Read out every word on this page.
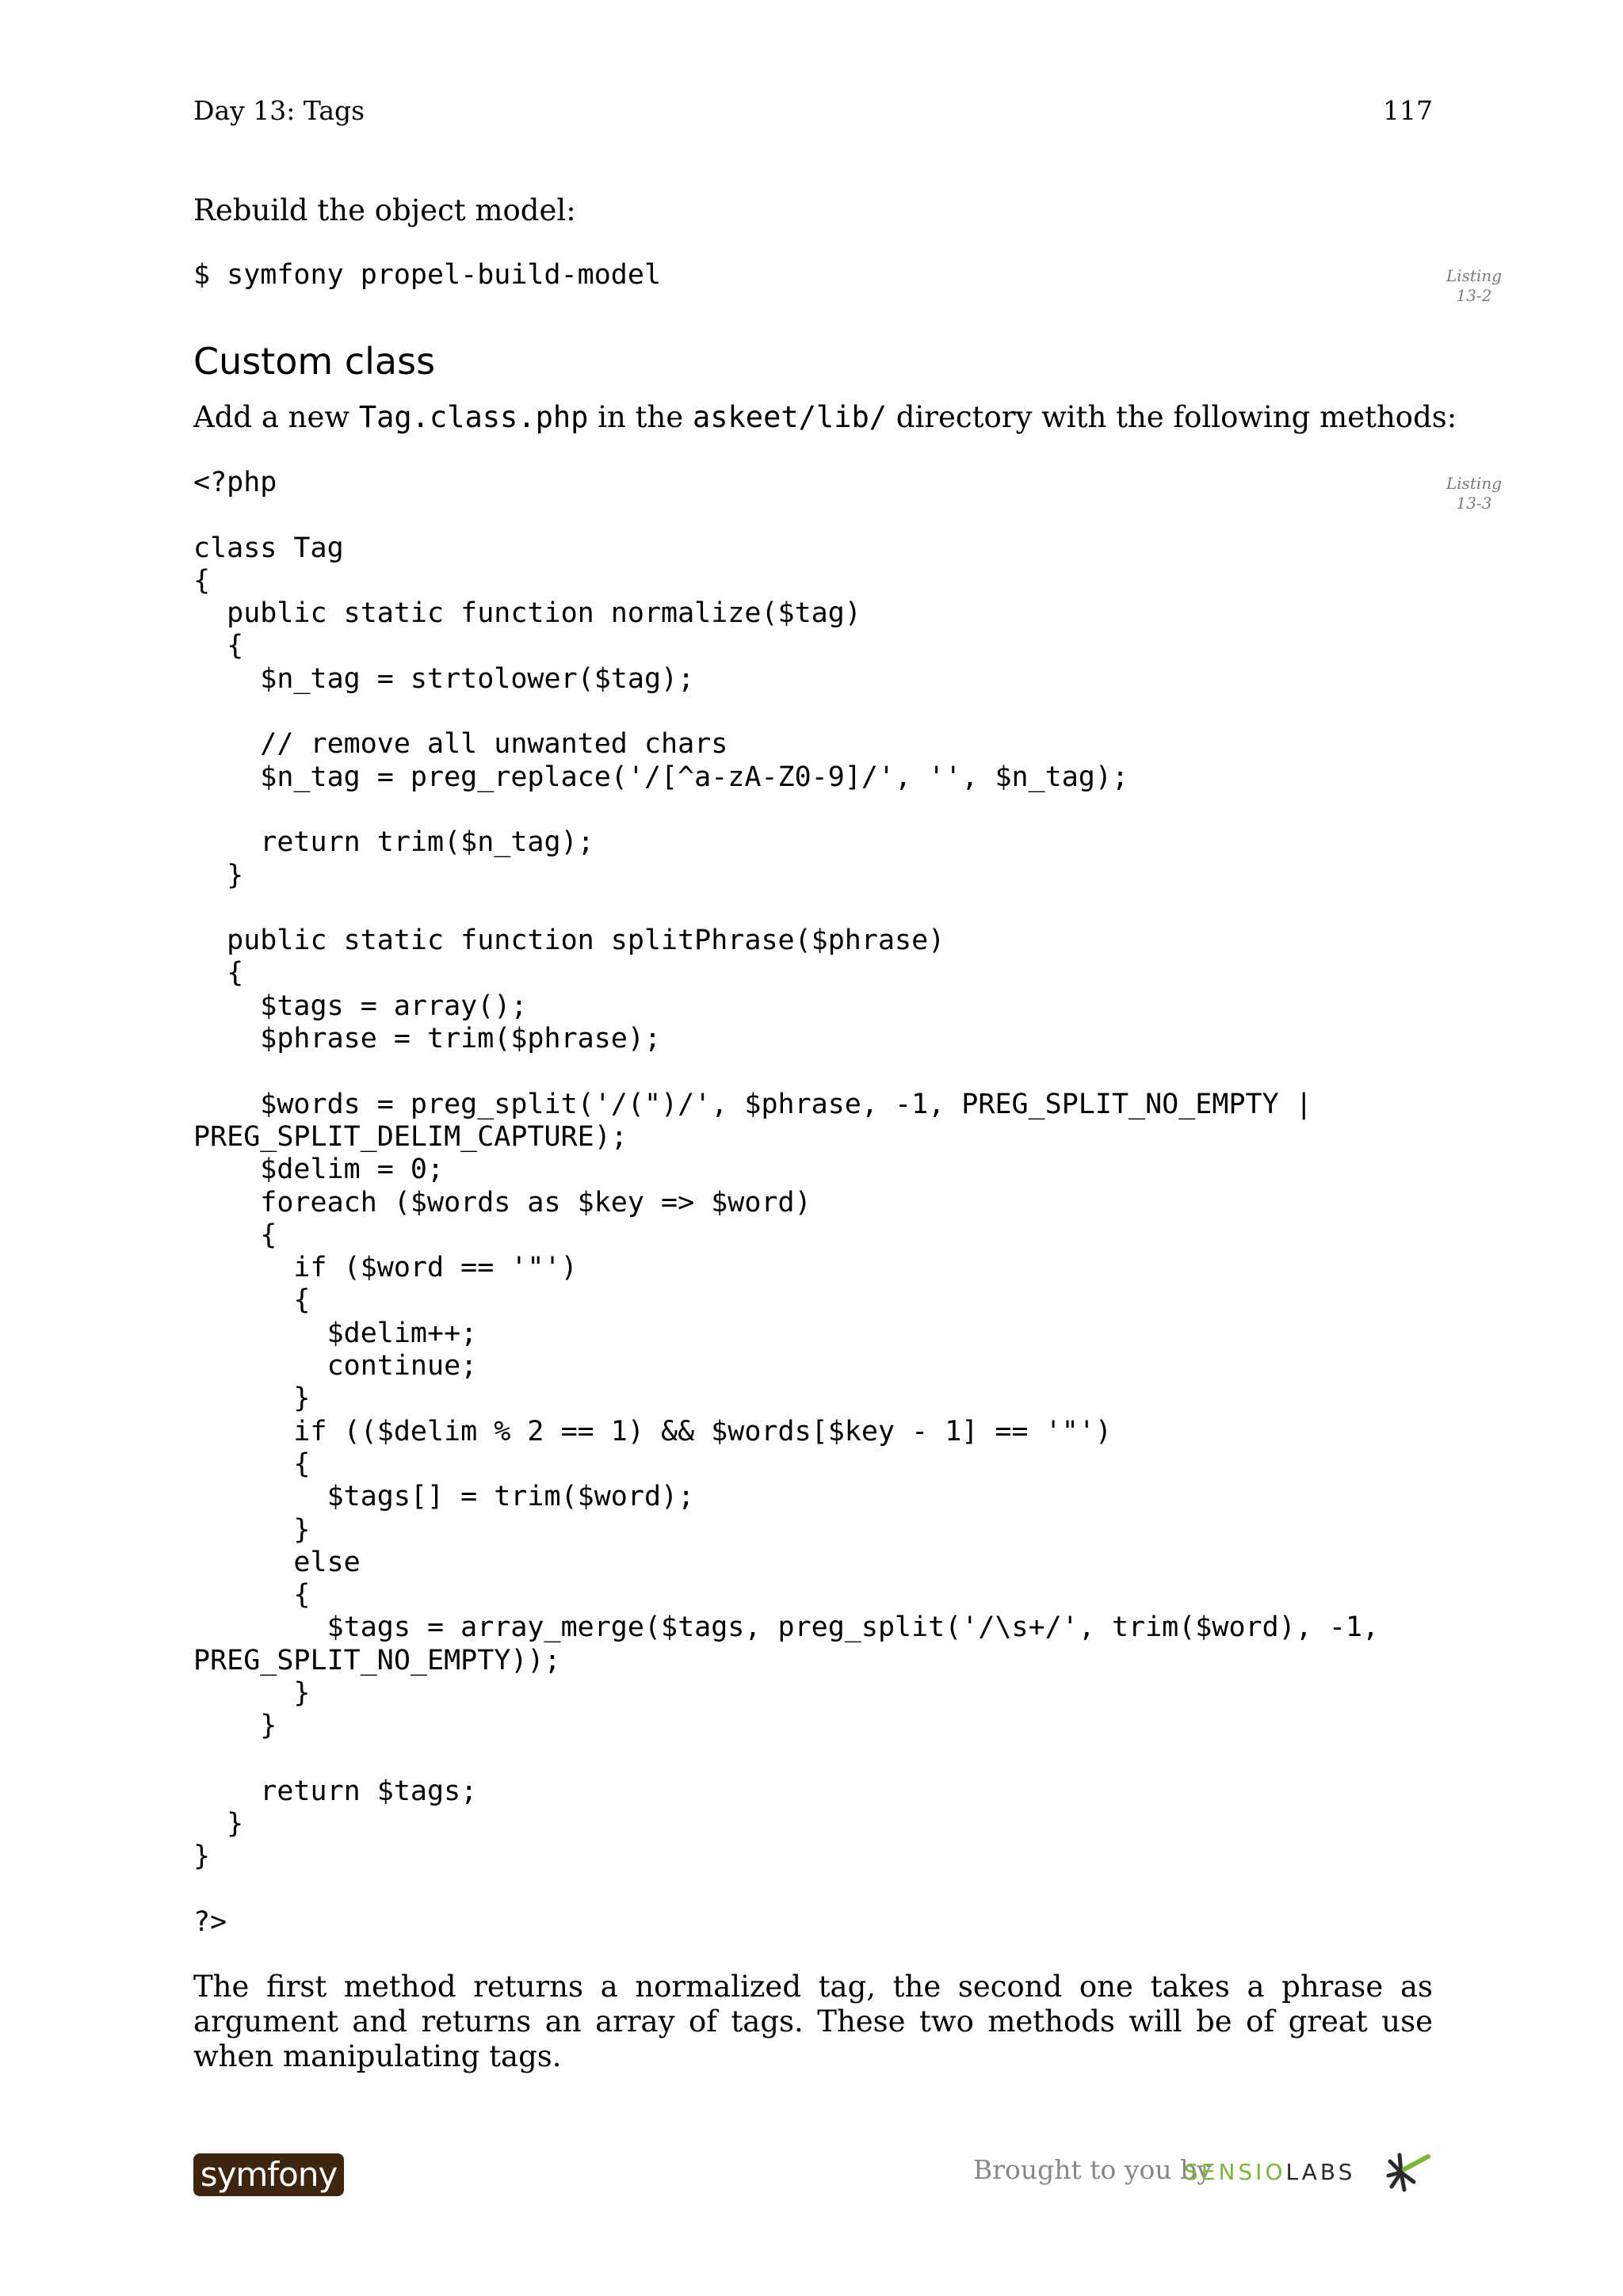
Day 13: Tags	117
Rebuild the object model:
$ symfony propel-build-model	Listing
13-2
Custom class
Add a new Tag.class.php in the askeet/lib/ directory with the following methods:
<?php

class Tag
{
public static function normalize($tag)
{
$n_tag = strtolower($tag);

// remove all unwanted chars
$n_tag = preg_replace('/[^a-zA-Z0-9]/', '', $n_tag);

return trim($n_tag);
}

public static function splitPhrase($phrase)
{
$tags = array();
$phrase = trim($phrase);

$words = preg_split('/(")/', $phrase, -1, PREG_SPLIT_NO_EMPTY |
PREG_SPLIT_DELIM_CAPTURE);
$delim = 0;
foreach ($words as $key => $word)
{
if ($word == '"')
{
$delim++;
continue;
}
if (($delim % 2 == 1) && $words[$key - 1] == '"')
{
$tags[] = trim($word);
}
else
{
$tags = array_merge($tags, preg_split('/\s+/', trim($word), -1,
PREG_SPLIT_NO_EMPTY));
}
}

return $tags;
}
}

?>
Listing
13-3
The first method returns a normalized tag, the second one takes a phrase as argument and returns an array of tags. These two methods will be of great use when manipulating tags.
symfony	Brought to you by
SENSIOLABS
